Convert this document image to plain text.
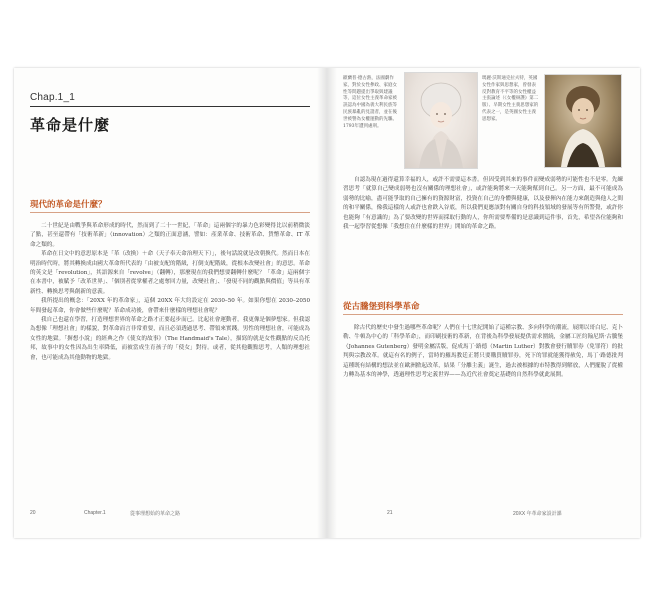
Chap.1_1
革命是什麼
現代的革命是什麼？

二十世紀是由戰爭與革命形成的時代，然而到了二十一世紀，「革命」這兩個字的暴力色彩變得比以前稍微淡了點，甚至還帶有「技術革新」（innovation）之類的正面意涵，譬如：產業革命、技術革命、貨幣革命、IT 革命之類的。

革命在日文中的意思原本是「革（改換）＋命（天子奉天命治理天下）」，後句話說就是改朝換代。然而日本在明治時代時，將其轉換成由國大革命所代表的「由被支配的階級，打倒支配階級，從根本改變社會」的意思。革命的英文是「revolution」，其語源來自「revolve」（翻轉），那麼現在的我們想要翻轉什麼呢？「革命」這兩個字在本書中，被賦予「改革世界」、「個別者從掌權者之處奪回力量，改變社會」、「發現不同的觀點與價值」等具有革新性、轉換思考與創新的意義。

我所提出的概念：「20XX 年的革命家」，這個 20XX 年大約設定在 2030–50 年。如果你想在 2030–2050 年間發起革命，你會做些什麼呢？革命成功後，會帶來什麼樣的理想社會呢？

我自己也還在學習，打造理想世界的革命之路才正要起步而已。比起社會運動者，我更像是個夢想家。但我認為想像「理想社會」的樣貌，對革命而言非常重要，而且必須透過思考、帶領來實踐。男性的理想社會，可能成為女性的地獄。「摒想小說」的經典之作《使女的故事》（The Handmaid's Tale），描寫的就是女性觀點的反烏托邦，故事中的女性因為出生率降低，而被當成生育孩子的「使女」對待。或者，從其他觀點思考，人類的理想社會，也可能成為其他動物的地獄。

20	Chapter.1	從事理想始的革命之路
歐蘭普·德古熱，法國劇作家，對於女性參政、家庭女性等問題提出爭取與建議等，這位女性主義革命家被誤認為中國為義大利民族等民族暴亂的見證者，並在後世被譽為女權運動的先驅。1793年遭到處刑。
瑪麗·沃斯通克拉夫特，英國女性作家與思想家，曾發表反對教育不平等的女性權益主張論述（《女權辯護》第二版）、早期女性主義思想家的代表之一，是英國女性主義思想家。

自認為現在過得還算幸福的人，或許不需要這本書。但因受到其來的事件而變成弱勢的可能性也不是零。先練習思考「就算自己變成弱勢也沒有關係的理想社會」，或許能夠將來一天能夠幫到自己。另一方面，最不可能成為弱勢的比喻，盡可能爭取的自己擁有的資源財富，投資在自己的身體與健康，以及發揮內在能力來創造與他人之間的和平關係，像我這樣的人或許也會跌入谷底，所以我們更應該對有關自身的科技領域的發展等有所警覺，或許你也能夠「有意識的」為了要改變的世界而採取行動的人，你所需要準備的是意識到這件事，首先，希望各位能夠和我一起學習從想像「我想住在什麼樣的世界」開始的革命之路。

從古騰堡到科學革命

除古代的歷史中發生過哪些革命呢？人們在十七世紀開始了這種宗教、多向科學的潮流，展開以哥白尼、克卜勒、牛頓為中心的「科學革命」，而印刷技術的革新，在背後為科學發展提供需求圍繞，金屬工匠約翰尼斯·古騰堡（Johannes Gutenberg）發明金屬活版，促成馬丁·路德（Martin Luther）對教會發行贖罪券（免罪符）的批判與宗教改革。就這有名的例子，當時的羅馬教廷正將只要購買贖罪券，死下的罪就能獲得赦免，馬丁·路德批判這種既有結構的想法並在歐洲掀起改革，結果「分離主義」誕生，過去被根據的市特教得到解放，人們擺脫了從權力轉為基本的神學，透過理性思考定義世界——為近代社會奠定基礎的自然科學就此展開。

21	20XX 年革命家設計課
